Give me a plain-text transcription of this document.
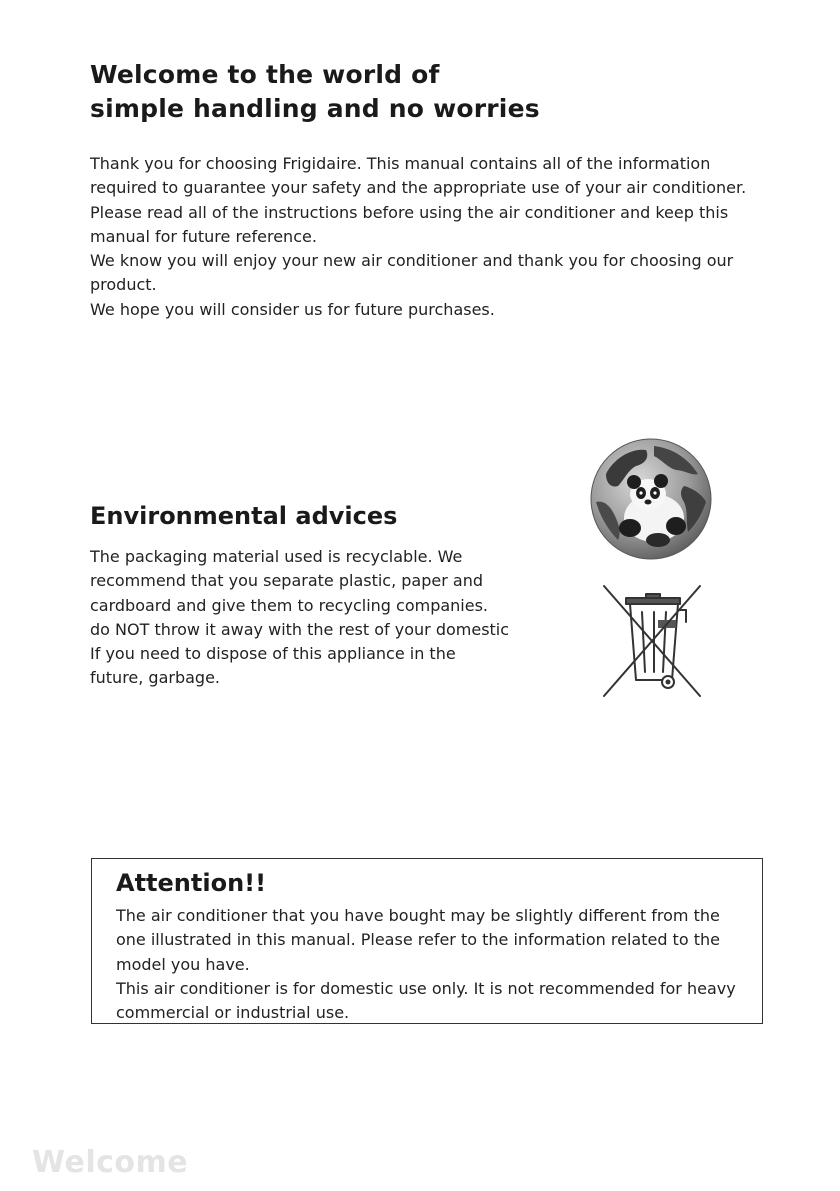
Welcome to the world of
simple handling and no worries

Thank you for choosing Frigidaire. This manual contains all of the information required to guarantee your safety and the appropriate use of your air conditioner.

Please read all of the instructions before using the air conditioner and keep this manual for future reference.

We know you will enjoy your new air conditioner and thank you for choosing our product.

We hope you will consider us for future purchases.

Environmental advices

The packaging material used is recyclable. We recommend that you separate plastic, paper and cardboard and give them to recycling companies. do NOT throw it away with the rest of your domestic If you need to dispose of this appliance in the future, garbage.

Attention!!

The air conditioner that you have bought may be slightly different from the one illustrated in this manual. Please refer to the information related to the model you have.

This air conditioner is for domestic use only. It is not recommended for heavy commercial or industrial use.

Welcome
